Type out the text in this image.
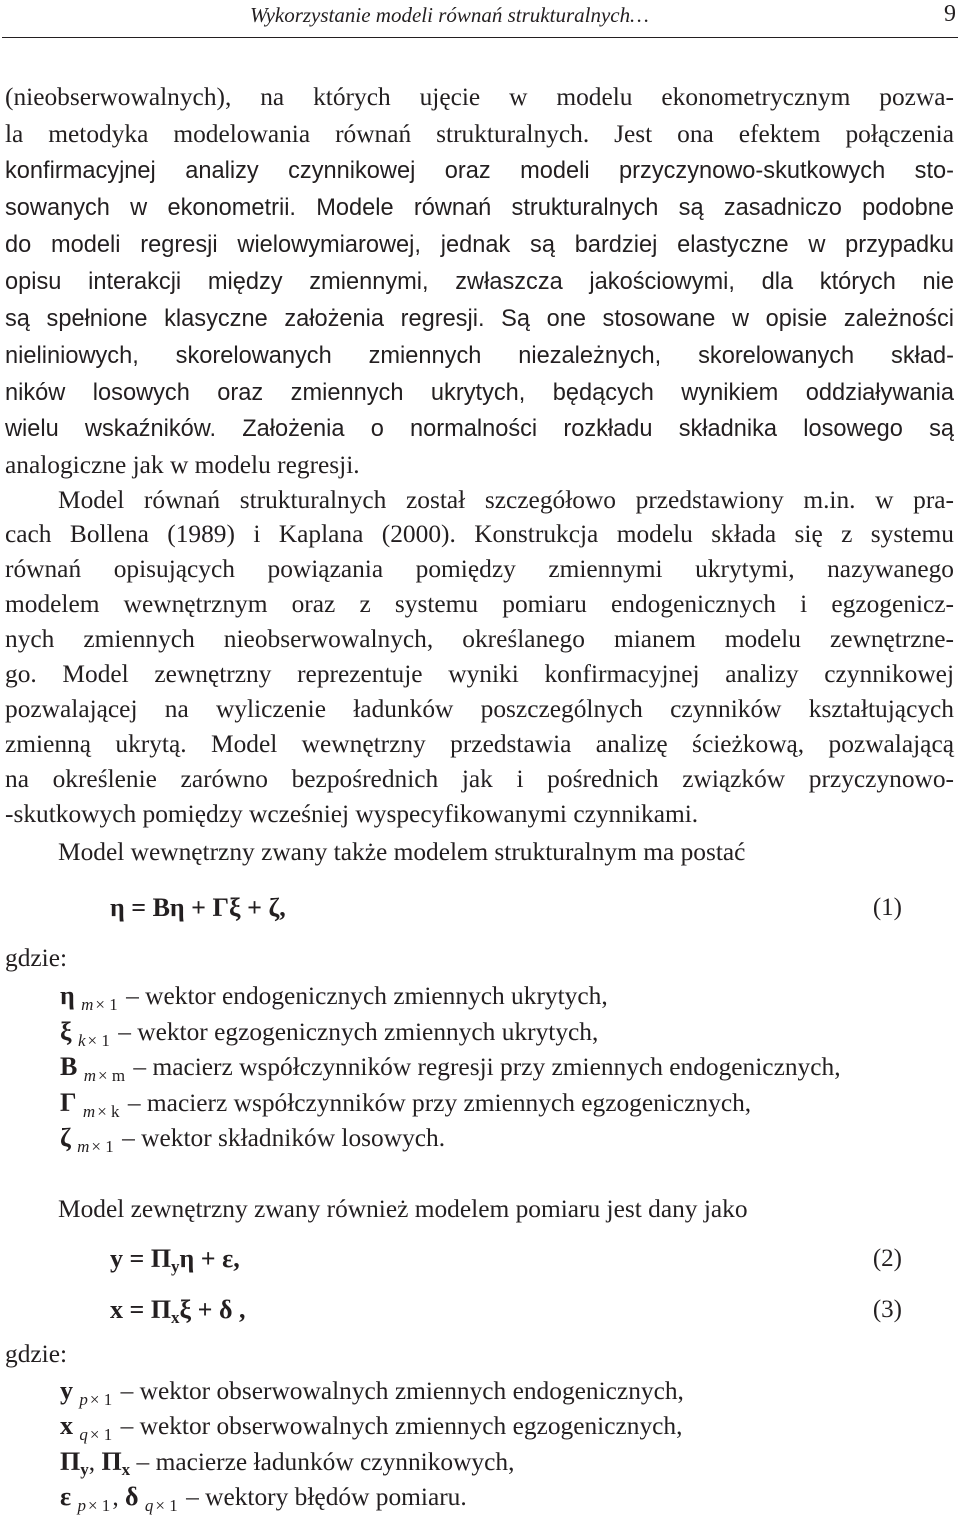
Wykorzystanie modeli równań strukturalnych…	9
(nieobserwowalnych), na których ujęcie w modelu ekonometrycznym pozwa-
la metodyka modelowania równań strukturalnych. Jest ona efektem połączenia
konfirmacyjnej analizy czynnikowej oraz modeli przyczynowo-skutkowych sto-
sowanych w ekonometrii. Modele równań strukturalnych są zasadniczo podobne
do modeli regresji wielowymiarowej, jednak są bardziej elastyczne w przypadku
opisu interakcji między zmiennymi, zwłaszcza jakościowymi, dla których nie
są spełnione klasyczne założenia regresji. Są one stosowane w opisie zależności
nieliniowych, skorelowanych zmiennych niezależnych, skorelowanych skład-
ników losowych oraz zmiennych ukrytych, będących wynikiem oddziaływania
wielu wskaźników. Założenia o normalności rozkładu składnika losowego są
analogiczne jak w modelu regresji.
Model równań strukturalnych został szczegółowo przedstawiony m.in. w pra-
cach Bollena (1989) i Kaplana (2000). Konstrukcja modelu składa się z systemu
równań opisujących powiązania pomiędzy zmiennymi ukrytymi, nazywanego
modelem wewnętrznym oraz z systemu pomiaru endogenicznych i egzogenicz-
nych zmiennych nieobserwowalnych, określanego mianem modelu zewnętrzne-
go. Model zewnętrzny reprezentuje wyniki konfirmacyjnej analizy czynnikowej
pozwalającej na wyliczenie ładunków poszczególnych czynników kształtujących
zmienną ukrytą. Model wewnętrzny przedstawia analizę ścieżkową, pozwalającą
na określenie zarówno bezpośrednich jak i pośrednich związków przyczynowo-
-skutkowych pomiędzy wcześniej wyspecyfikowanymi czynnikami.
Model wewnętrzny zwany także modelem strukturalnym ma postać
η = Bη + Γξ + ζ,	(1)
gdzie:
η $_m$ $_{\times 1}$ – wektor endogenicznych zmiennych ukrytych,
ξ $_k$ $_{\times 1}$ – wektor egzogenicznych zmiennych ukrytych,
B $_m$ $_{\times m}$ – macierz współczynników regresji przy zmiennych endogenicznych,
Γ $_m$ $_{\times k}$ – macierz współczynników przy zmiennych egzogenicznych,
ζ $_m$ $_{\times 1}$ – wektor składników losowych.
Model zewnętrzny zwany również modelem pomiaru jest dany jako
y = Πyη + ε,	(2)
x = Πxξ + δ ,	(3)
gdzie:
y $_p$ $_{\times 1}$ – wektor obserwowalnych zmiennych endogenicznych,
x $_q$ $_{\times 1}$ – wektor obserwowalnych zmiennych egzogenicznych,
Πy, Πx – macierze ładunków czynnikowych,
ε $_p$ $_{\times 1}$, δ $_q$ $_{\times 1}$ – wektory błędów pomiaru.
